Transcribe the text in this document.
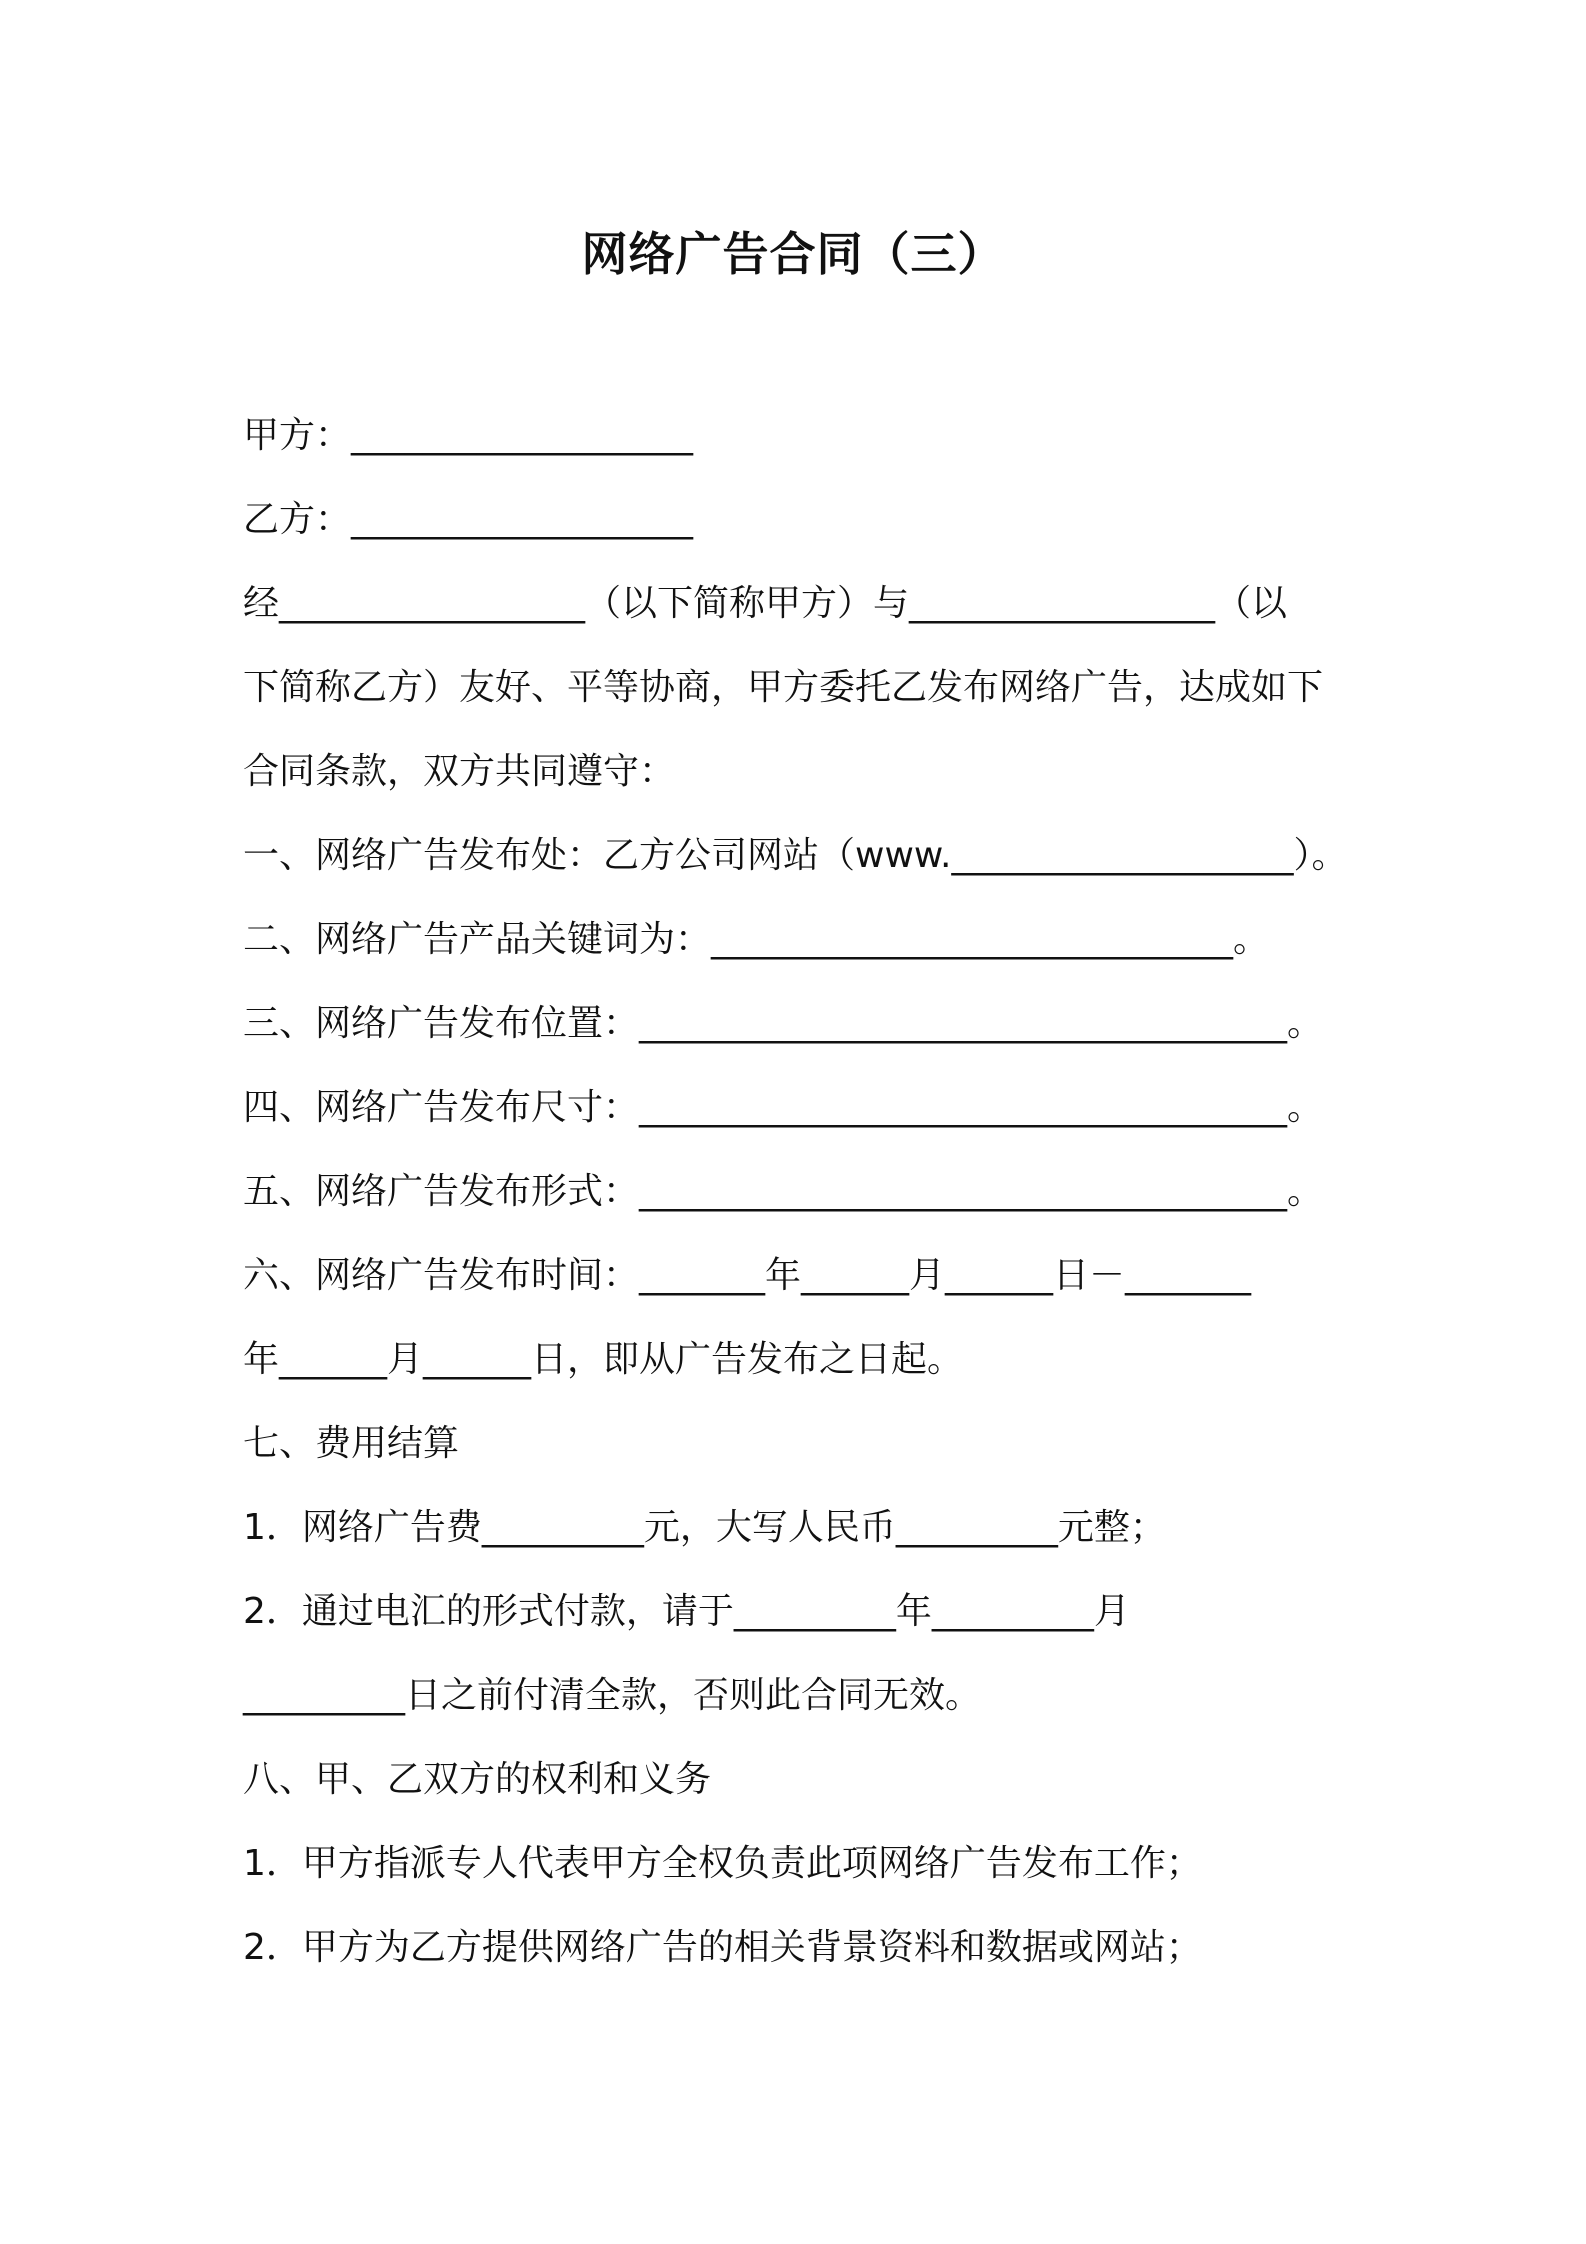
网络广告合同（三）
甲方：___________________
乙方：___________________
经_________________（以下简称甲方）与_________________（以
下简称乙方）友好、平等协商，甲方委托乙发布网络广告，达成如下
合同条款，双方共同遵守：
一、网络广告发布处：乙方公司网站（www.___________________）。
二、网络广告产品关键词为：_____________________________。
三、网络广告发布位置：____________________________________。
四、网络广告发布尺寸：____________________________________。
五、网络广告发布形式：____________________________________。
六、网络广告发布时间：_______年______月______日－_______
年______月______日，即从广告发布之日起。
七、费用结算
1．网络广告费_________元，大写人民币_________元整；
2．通过电汇的形式付款，请于_________年_________月
_________日之前付清全款，否则此合同无效。
八、甲、乙双方的权利和义务
1．甲方指派专人代表甲方全权负责此项网络广告发布工作；
2．甲方为乙方提供网络广告的相关背景资料和数据或网站；
